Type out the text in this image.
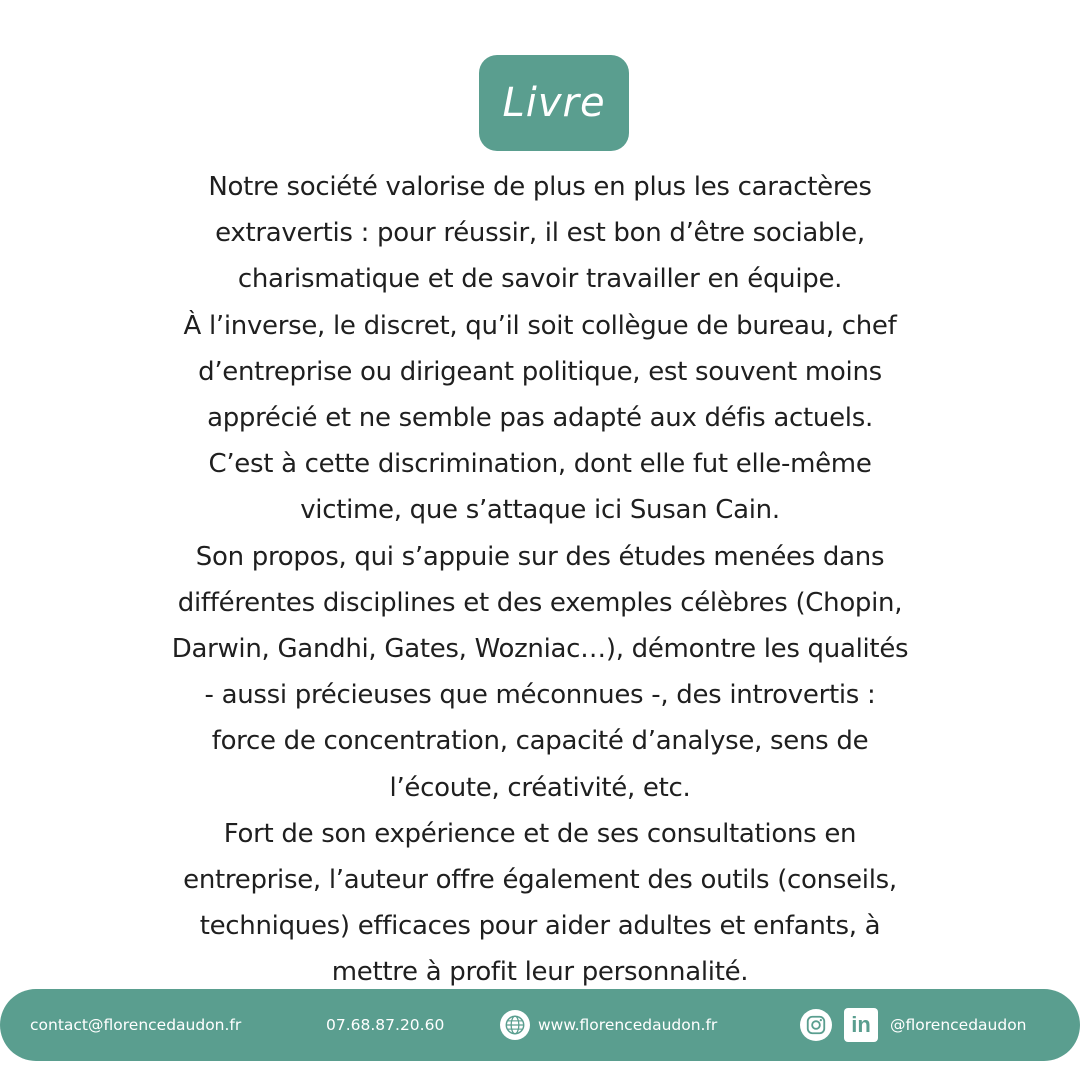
Livre
Notre société valorise de plus en plus les caractères
extravertis : pour réussir, il est bon d’être sociable,
charismatique et de savoir travailler en équipe.
À l’inverse, le discret, qu’il soit collègue de bureau, chef
d’entreprise ou dirigeant politique, est souvent moins
apprécié et ne semble pas adapté aux défis actuels.
C’est à cette discrimination, dont elle fut elle-même
victime, que s’attaque ici Susan Cain.
Son propos, qui s’appuie sur des études menées dans
différentes disciplines et des exemples célèbres (Chopin,
Darwin, Gandhi, Gates, Wozniac…), démontre les qualités
- aussi précieuses que méconnues -, des introvertis :
force de concentration, capacité d’analyse, sens de
l’écoute, créativité, etc.
Fort de son expérience et de ses consultations en
entreprise, l’auteur offre également des outils (conseils,
techniques) efficaces pour aider adultes et enfants, à
mettre à profit leur personnalité.
contact@florencedaudon.fr	07.68.87.20.60	www.florencedaudon.fr	in	@florencedaudon
